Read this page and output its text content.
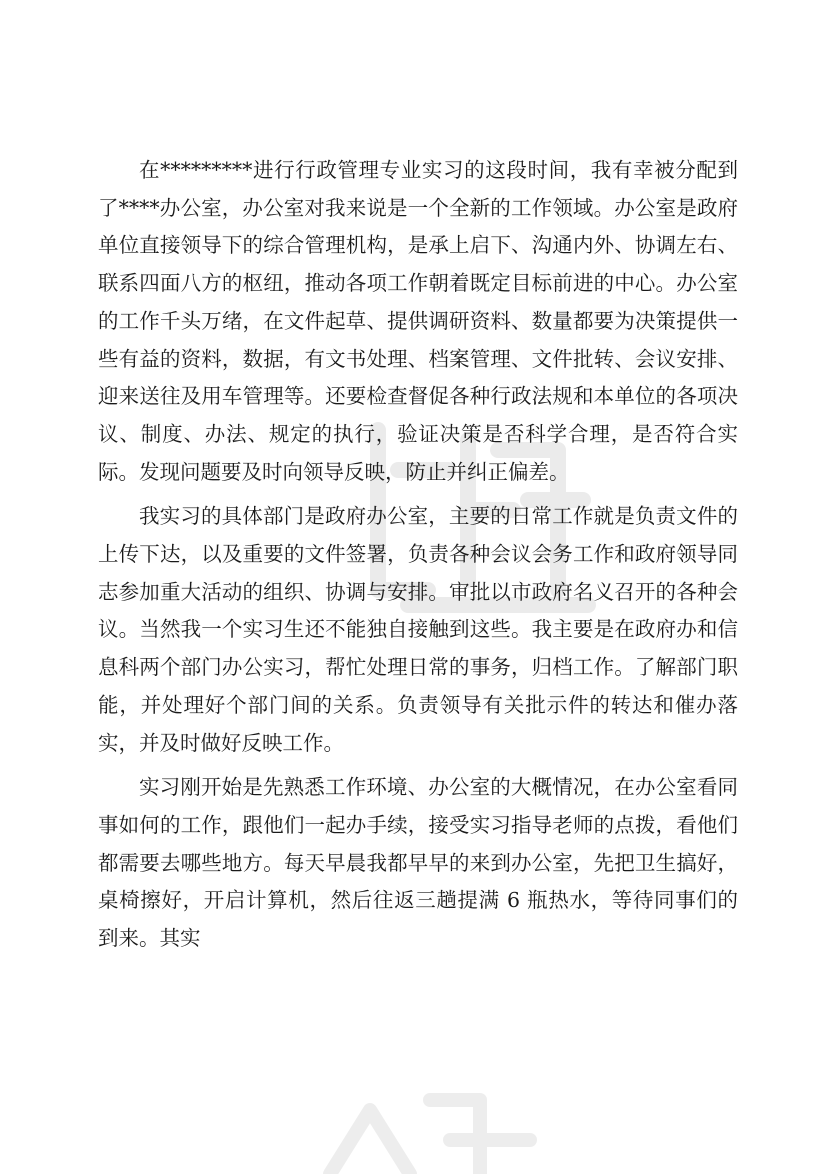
在*********进行行政管理专业实习的这段时间，我有幸被分配到了****办公室，办公室对我来说是一个全新的工作领域。办公室是政府单位直接领导下的综合管理机构，是承上启下、沟通内外、协调左右、联系四面八方的枢纽，推动各项工作朝着既定目标前进的中心。办公室的工作千头万绪，在文件起草、提供调研资料、数量都要为决策提供一些有益的资料，数据，有文书处理、档案管理、文件批转、会议安排、迎来送往及用车管理等。还要检查督促各种行政法规和本单位的各项决议、制度、办法、规定的执行，验证决策是否科学合理，是否符合实际。发现问题要及时向领导反映，防止并纠正偏差。

我实习的具体部门是政府办公室，主要的日常工作就是负责文件的上传下达，以及重要的文件签署，负责各种会议会务工作和政府领导同志参加重大活动的组织、协调与安排。审批以市政府名义召开的各种会议。当然我一个实习生还不能独自接触到这些。我主要是在政府办和信息科两个部门办公实习，帮忙处理日常的事务，归档工作。了解部门职能，并处理好个部门间的关系。负责领导有关批示件的转达和催办落实，并及时做好反映工作。

实习刚开始是先熟悉工作环境、办公室的大概情况，在办公室看同事如何的工作，跟他们一起办手续，接受实习指导老师的点拨，看他们都需要去哪些地方。每天早晨我都早早的来到办公室，先把卫生搞好，桌椅擦好，开启计算机，然后往返三趟提满 6 瓶热水，等待同事们的到来。其实
